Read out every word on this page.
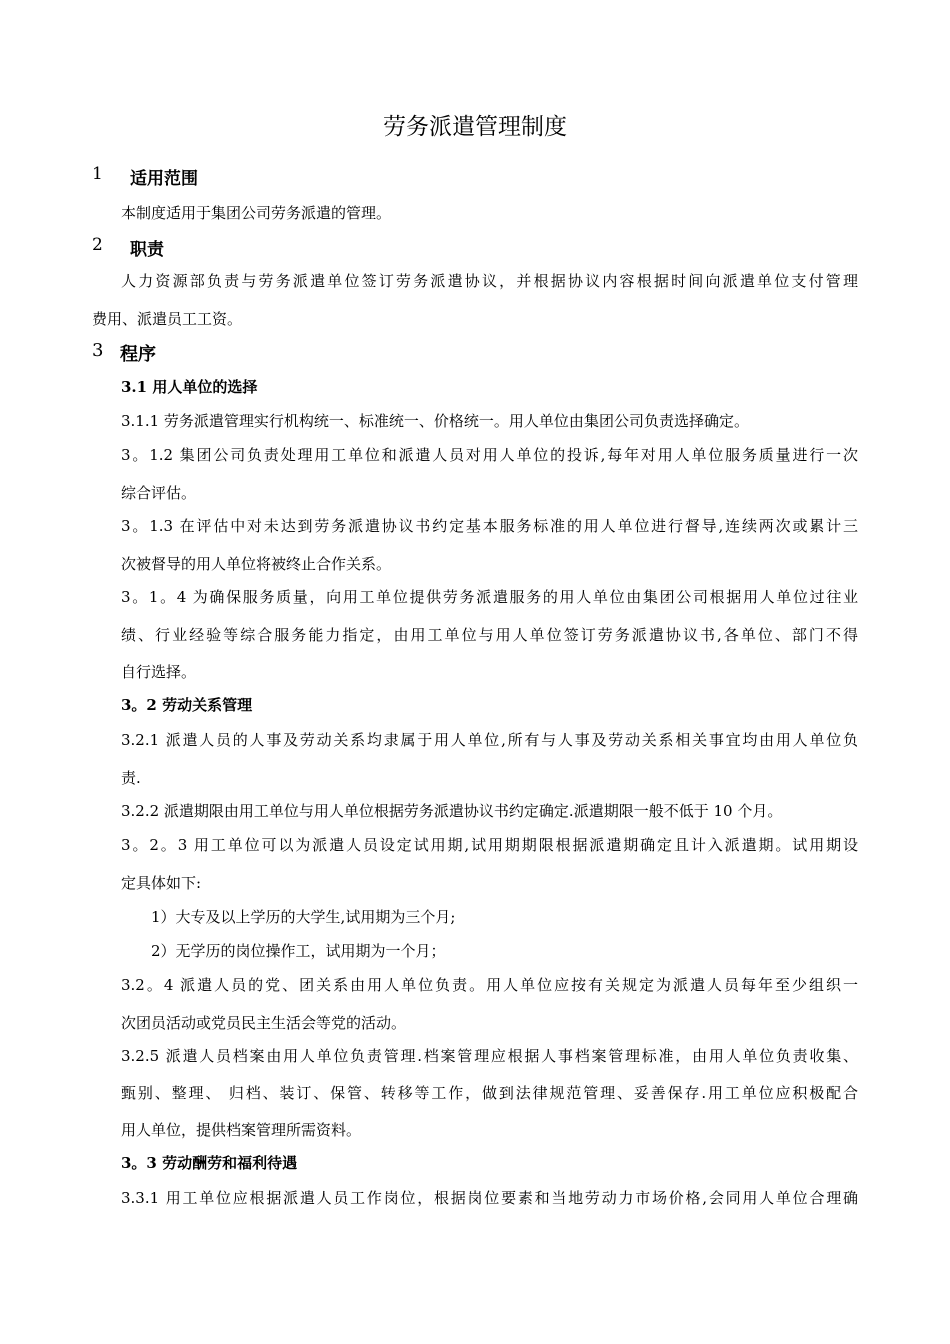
劳务派遣管理制度
1 适用范围
本制度适用于集团公司劳务派遣的管理。
2 职责
人力资源部负责与劳务派遣单位签订劳务派遣协议，并根据协议内容根据时间向派遣单位支付管理
费用、派遣员工工资。
3 程序
3.1 用人单位的选择
3.1.1 劳务派遣管理实行机构统一、标准统一、价格统一。用人单位由集团公司负责选择确定。
3。1.2 集团公司负责处理用工单位和派遣人员对用人单位的投诉,每年对用人单位服务质量进行一次
综合评估。
3。1.3 在评估中对未达到劳务派遣协议书约定基本服务标准的用人单位进行督导,连续两次或累计三
次被督导的用人单位将被终止合作关系。
3。1。4 为确保服务质量，向用工单位提供劳务派遣服务的用人单位由集团公司根据用人单位过往业
绩、行业经验等综合服务能力指定，由用工单位与用人单位签订劳务派遣协议书,各单位、部门不得
自行选择。
3。2 劳动关系管理
3.2.1 派遣人员的人事及劳动关系均隶属于用人单位,所有与人事及劳动关系相关事宜均由用人单位负
责.
3.2.2 派遣期限由用工单位与用人单位根据劳务派遣协议书约定确定.派遣期限一般不低于 10 个月。
3。2。3 用工单位可以为派遣人员设定试用期,试用期期限根据派遣期确定且计入派遣期。试用期设
定具体如下:
1）大专及以上学历的大学生,试用期为三个月;
2）无学历的岗位操作工，试用期为一个月；
3.2。4 派遣人员的党、团关系由用人单位负责。用人单位应按有关规定为派遣人员每年至少组织一
次团员活动或党员民主生活会等党的活动。
3.2.5 派遣人员档案由用人单位负责管理.档案管理应根据人事档案管理标准，由用人单位负责收集、
甄别、整理、 归档、装订、保管、转移等工作，做到法律规范管理、妥善保存.用工单位应积极配合
用人单位，提供档案管理所需资料。
3。3 劳动酬劳和福利待遇
3.3.1 用工单位应根据派遣人员工作岗位，根据岗位要素和当地劳动力市场价格,会同用人单位合理确
